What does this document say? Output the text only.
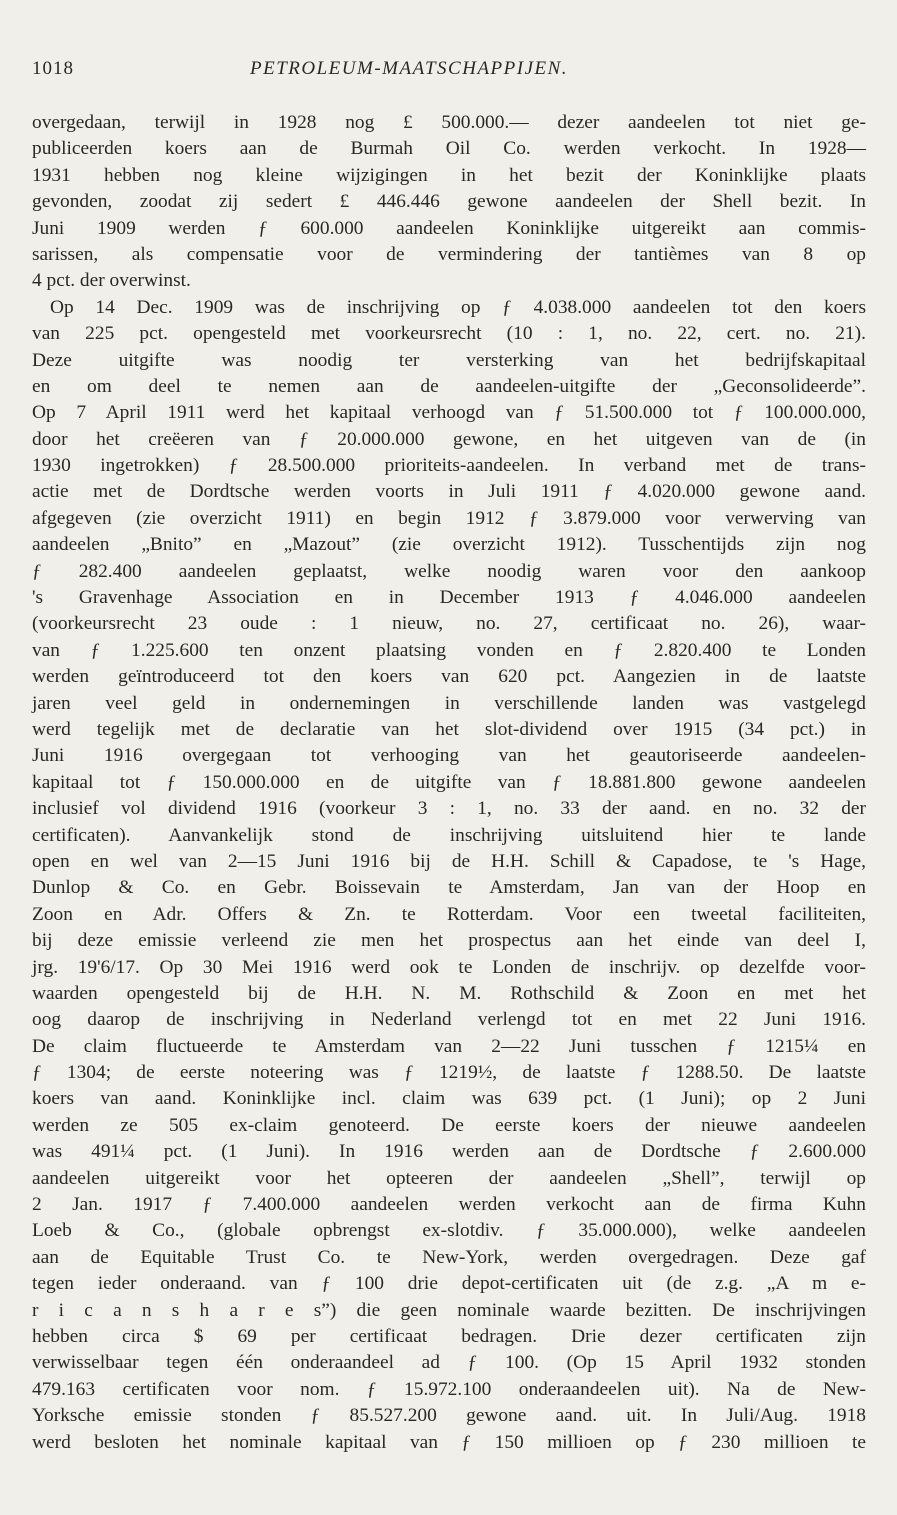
1018	PETROLEUM-MAATSCHAPPIJEN.
overgedaan, terwijl in 1928 nog £ 500.000.— dezer aandeelen tot niet ge-
publiceerden koers aan de Burmah Oil Co. werden verkocht. In 1928—
1931 hebben nog kleine wijzigingen in het bezit der Koninklijke plaats
gevonden, zoodat zij sedert £ 446.446 gewone aandeelen der Shell bezit. In
Juni 1909 werden ƒ 600.000 aandeelen Koninklijke uitgereikt aan commis-
sarissen, als compensatie voor de vermindering der tantièmes van 8 op
4 pct. der overwinst.
Op 14 Dec. 1909 was de inschrijving op ƒ 4.038.000 aandeelen tot den koers
van 225 pct. opengesteld met voorkeursrecht (10 : 1, no. 22, cert. no. 21).
Deze uitgifte was noodig ter versterking van het bedrijfskapitaal
en om deel te nemen aan de aandeelen-uitgifte der „Geconsolideerde”.
Op 7 April 1911 werd het kapitaal verhoogd van ƒ 51.500.000 tot ƒ 100.000.000,
door het creëeren van ƒ 20.000.000 gewone, en het uitgeven van de (in
1930 ingetrokken) ƒ 28.500.000 prioriteits-aandeelen. In verband met de trans-
actie met de Dordtsche werden voorts in Juli 1911 ƒ 4.020.000 gewone aand.
afgegeven (zie overzicht 1911) en begin 1912 ƒ 3.879.000 voor verwerving van
aandeelen „Bnito” en „Mazout” (zie overzicht 1912). Tusschentijds zijn nog
ƒ 282.400 aandeelen geplaatst, welke noodig waren voor den aankoop
's Gravenhage Association en in December 1913 ƒ 4.046.000 aandeelen
(voorkeursrecht 23 oude : 1 nieuw, no. 27, certificaat no. 26), waar-
van ƒ 1.225.600 ten onzent plaatsing vonden en ƒ 2.820.400 te Londen
werden geïntroduceerd tot den koers van 620 pct. Aangezien in de laatste
jaren veel geld in ondernemingen in verschillende landen was vastgelegd
werd tegelijk met de declaratie van het slot-dividend over 1915 (34 pct.) in
Juni 1916 overgegaan tot verhooging van het geautoriseerde aandeelen-
kapitaal tot ƒ 150.000.000 en de uitgifte van ƒ 18.881.800 gewone aandeelen
inclusief vol dividend 1916 (voorkeur 3 : 1, no. 33 der aand. en no. 32 der
certificaten). Aanvankelijk stond de inschrijving uitsluitend hier te lande
open en wel van 2—15 Juni 1916 bij de H.H. Schill & Capadose, te 's Hage,
Dunlop & Co. en Gebr. Boissevain te Amsterdam, Jan van der Hoop en
Zoon en Adr. Offers & Zn. te Rotterdam. Voor een tweetal faciliteiten,
bij deze emissie verleend zie men het prospectus aan het einde van deel I,
jrg. 19'6/17. Op 30 Mei 1916 werd ook te Londen de inschrijv. op dezelfde voor-
waarden opengesteld bij de H.H. N. M. Rothschild & Zoon en met het
oog daarop de inschrijving in Nederland verlengd tot en met 22 Juni 1916.
De claim fluctueerde te Amsterdam van 2—22 Juni tusschen ƒ 1215¼ en
ƒ 1304; de eerste noteering was ƒ 1219½, de laatste ƒ 1288.50. De laatste
koers van aand. Koninklijke incl. claim was 639 pct. (1 Juni); op 2 Juni
werden ze 505 ex-claim genoteerd. De eerste koers der nieuwe aandeelen
was 491¼ pct. (1 Juni). In 1916 werden aan de Dordtsche ƒ 2.600.000
aandeelen uitgereikt voor het opteeren der aandeelen „Shell”, terwijl op
2 Jan. 1917 ƒ 7.400.000 aandeelen werden verkocht aan de firma Kuhn
Loeb & Co., (globale opbrengst ex-slotdiv. ƒ 35.000.000), welke aandeelen
aan de Equitable Trust Co. te New-York, werden overgedragen. Deze gaf
tegen ieder onderaand. van ƒ 100 drie depot-certificaten uit (de z.g. „A m e-
r i c a n s h a r e s”) die geen nominale waarde bezitten. De inschrijvingen
hebben circa $ 69 per certificaat bedragen. Drie dezer certificaten zijn
verwisselbaar tegen één onderaandeel ad ƒ 100. (Op 15 April 1932 stonden
479.163 certificaten voor nom. ƒ 15.972.100 onderaandeelen uit). Na de New-
Yorksche emissie stonden ƒ 85.527.200 gewone aand. uit. In Juli/Aug. 1918
werd besloten het nominale kapitaal van ƒ 150 millioen op ƒ 230 millioen te
